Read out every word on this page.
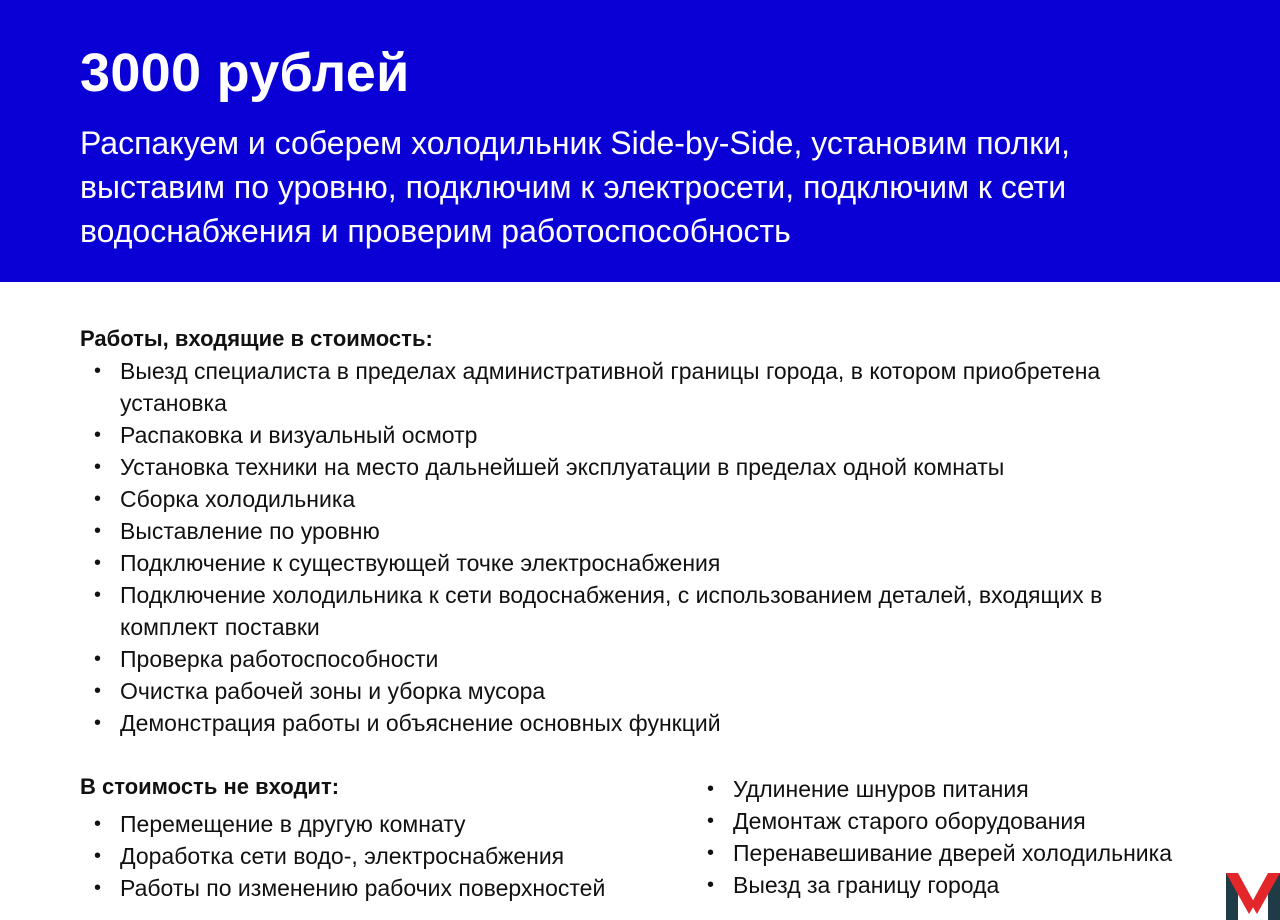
3000 рублей

Распакуем и соберем холодильник Side-by-Side, установим полки, выставим по уровню, подключим к электросети, подключим к сети водоснабжения и проверим работоспособность

Работы, входящие в стоимость:
• Выезд специалиста в пределах административной границы города, в котором приобретена установка
• Распаковка и визуальный осмотр
• Установка техники на место дальнейшей эксплуатации в пределах одной комнаты
• Сборка холодильника
• Выставление по уровню
• Подключение к существующей точке электроснабжения
• Подключение холодильника к сети водоснабжения, с использованием деталей, входящих в комплект поставки
• Проверка работоспособности
• Очистка рабочей зоны и уборка мусора
• Демонстрация работы и объяснение основных функций
В стоимость не входит:
• Перемещение в другую комнату
• Доработка сети водо-, электроснабжения
• Работы по изменению рабочих поверхностей
• Удлинение шнуров питания
• Демонтаж старого оборудования
• Перенавешивание дверей холодильника
• Выезд за границу города
